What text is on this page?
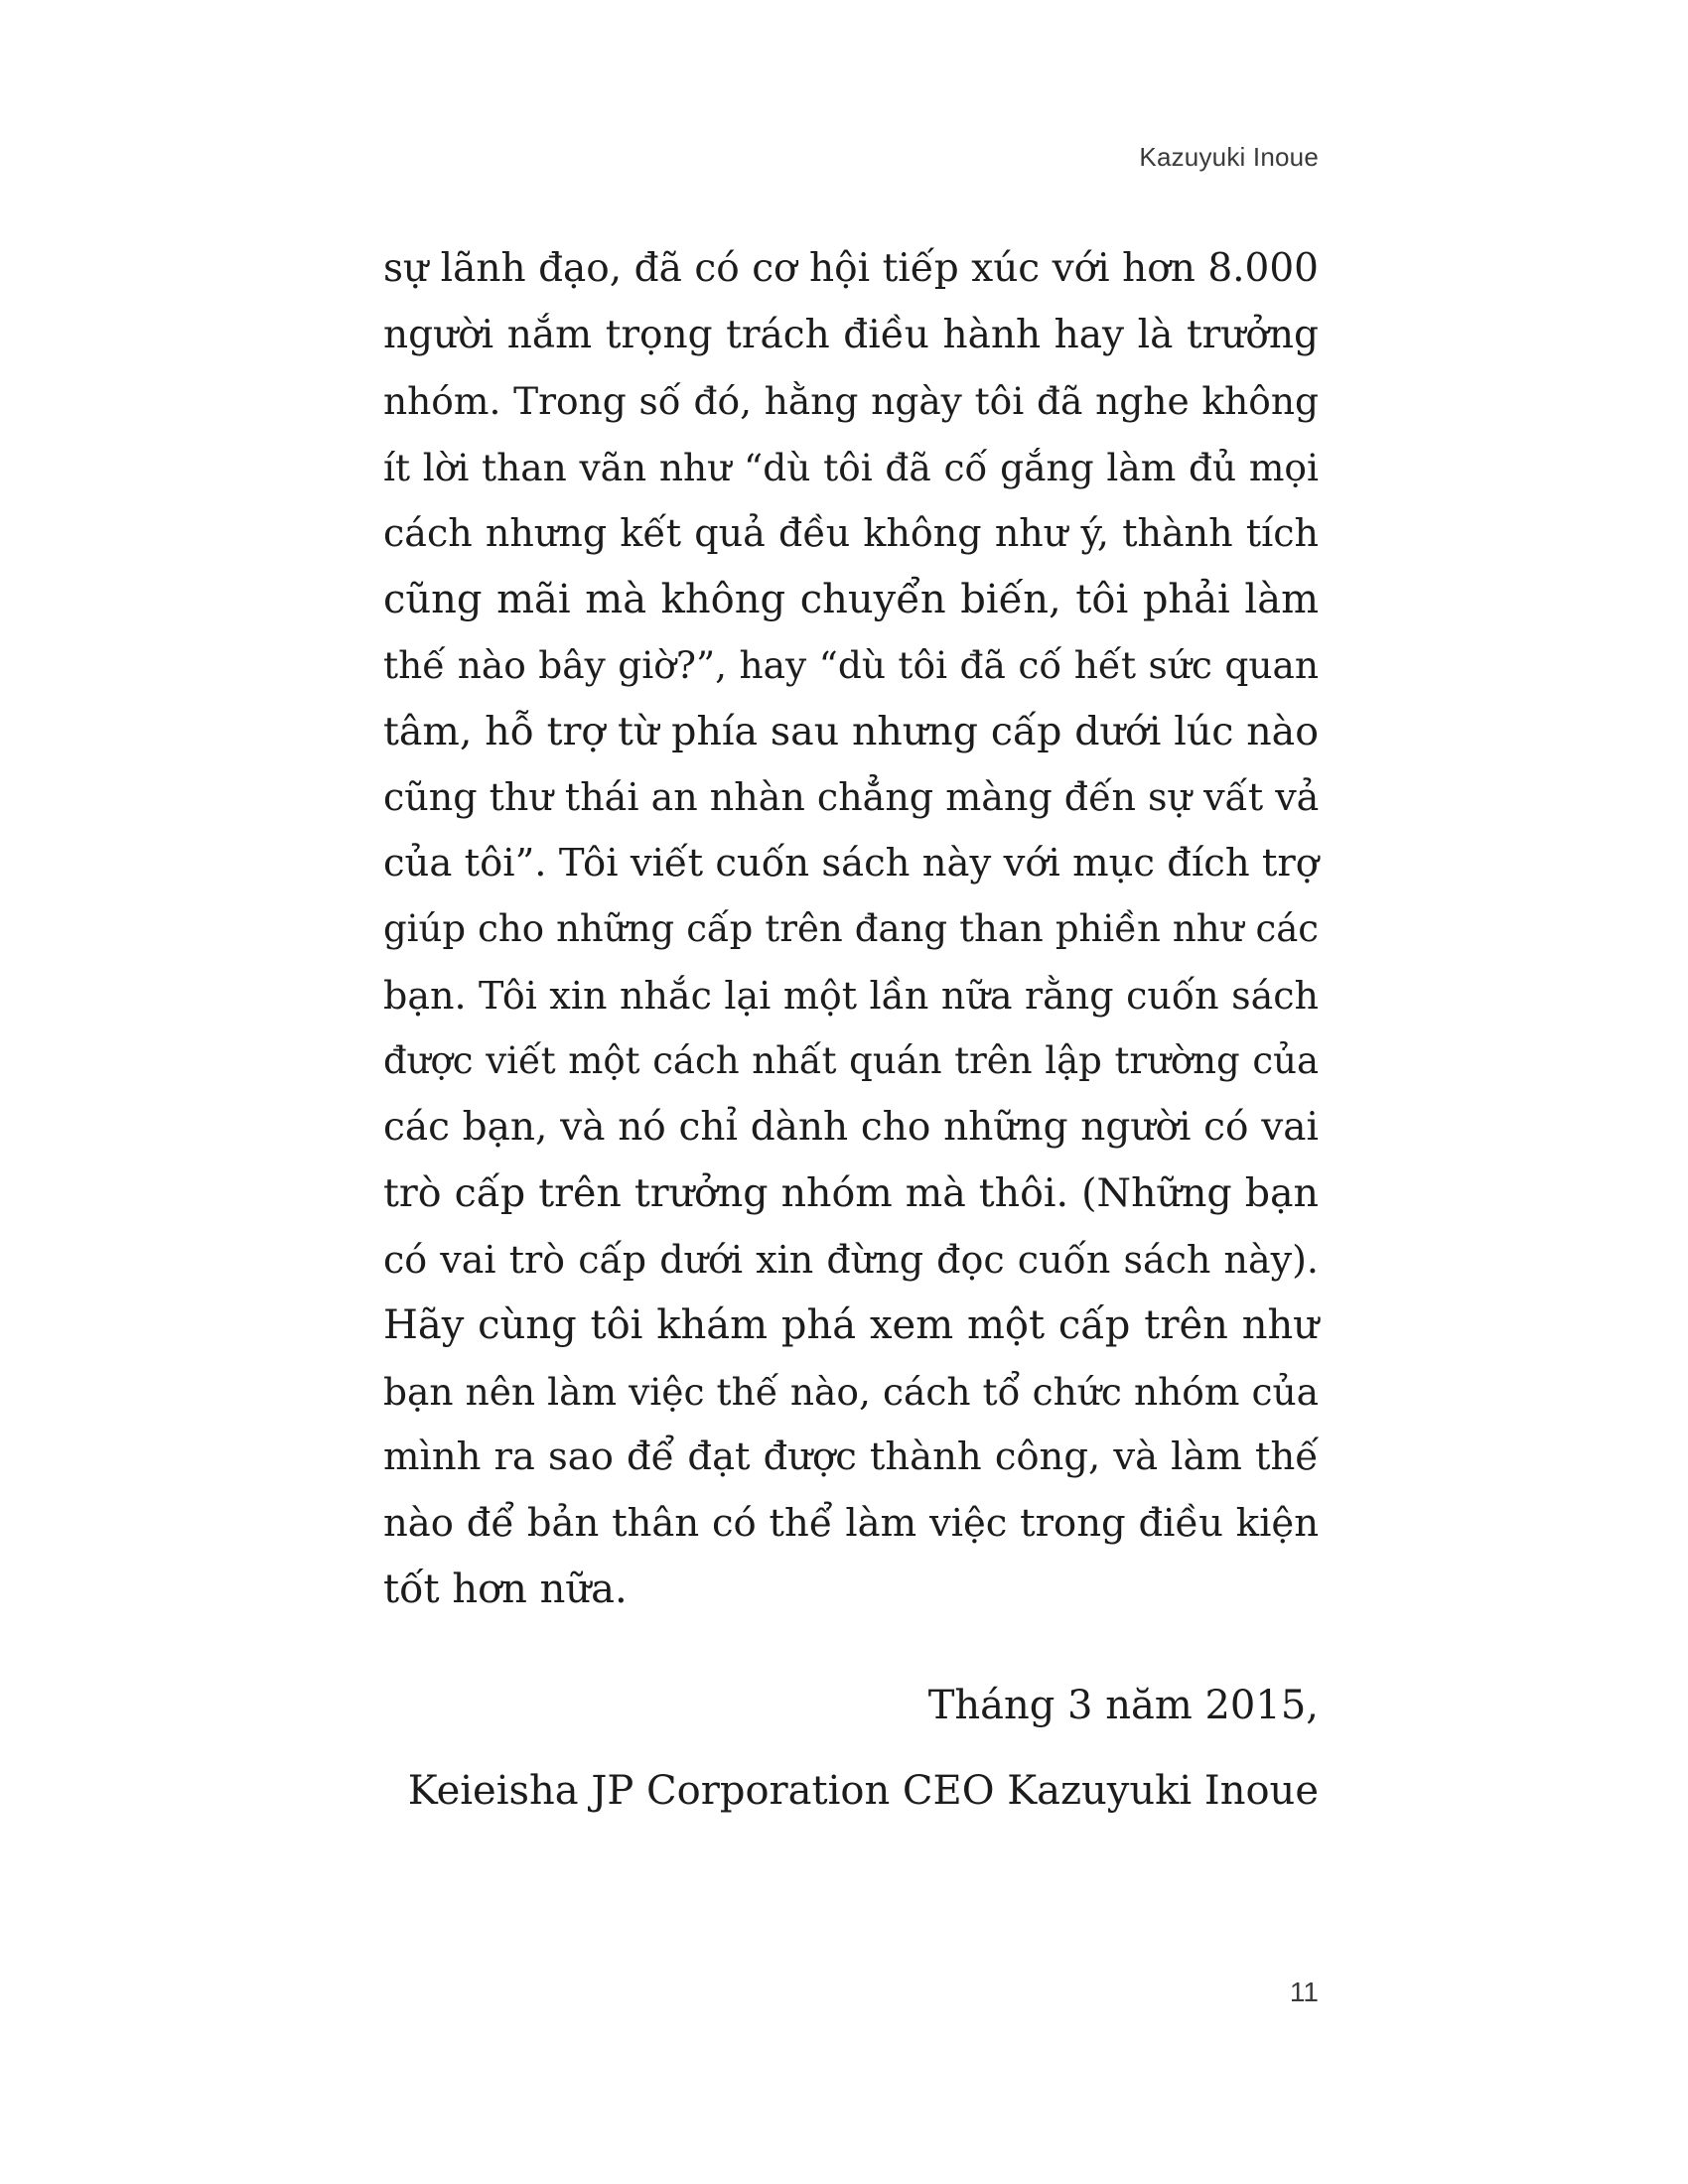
Kazuyuki Inoue
sự lãnh đạo, đã có cơ hội tiếp xúc với hơn 8.000
người nắm trọng trách điều hành hay là trưởng
nhóm. Trong số đó, hằng ngày tôi đã nghe không
ít lời than vãn như “dù tôi đã cố gắng làm đủ mọi
cách nhưng kết quả đều không như ý, thành tích
cũng mãi mà không chuyển biến, tôi phải làm
thế nào bây giờ?”, hay “dù tôi đã cố hết sức quan
tâm, hỗ trợ từ phía sau nhưng cấp dưới lúc nào
cũng thư thái an nhàn chẳng màng đến sự vất vả
của tôi”. Tôi viết cuốn sách này với mục đích trợ
giúp cho những cấp trên đang than phiền như các
bạn. Tôi xin nhắc lại một lần nữa rằng cuốn sách
được viết một cách nhất quán trên lập trường của
các bạn, và nó chỉ dành cho những người có vai
trò cấp trên trưởng nhóm mà thôi. (Những bạn
có vai trò cấp dưới xin đừng đọc cuốn sách này).
Hãy cùng tôi khám phá xem một cấp trên như
bạn nên làm việc thế nào, cách tổ chức nhóm của
mình ra sao để đạt được thành công, và làm thế
nào để bản thân có thể làm việc trong điều kiện
tốt hơn nữa.
Tháng 3 năm 2015,
Keieisha JP Corporation CEO Kazuyuki Inoue
11
